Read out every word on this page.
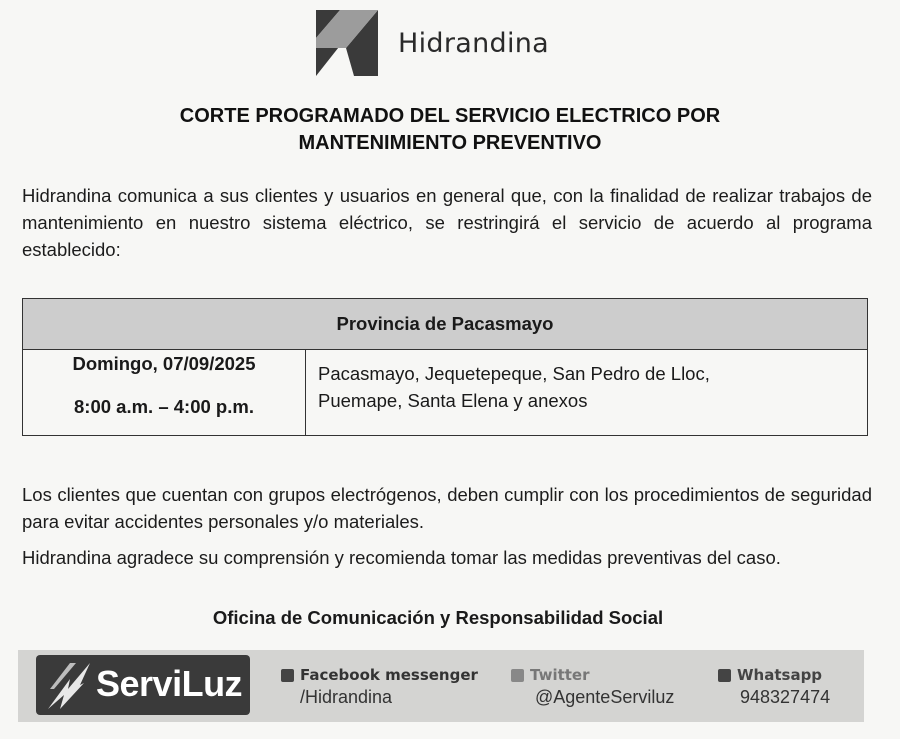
Hidrandina
CORTE PROGRAMADO DEL SERVICIO ELECTRICO POR
MANTENIMIENTO PREVENTIVO
Hidrandina comunica a sus clientes y usuarios en general que, con la finalidad de realizar trabajos de mantenimiento en nuestro sistema eléctrico, se restringirá el servicio de acuerdo al programa establecido:
Provincia de Pacasmayo
Domingo, 07/09/2025
8:00 a.m. – 4:00 p.m.
Pacasmayo, Jequetepeque, San Pedro de Lloc,
Puemape, Santa Elena y anexos
Los clientes que cuentan con grupos electrógenos, deben cumplir con los procedimientos de seguridad para evitar accidentes personales y/o materiales.
Hidrandina agradece su comprensión y recomienda tomar las medidas preventivas del caso.
Oficina de Comunicación y Responsabilidad Social
ServiLuz	Facebook messenger
/Hidrandina
Twitter
@AgenteServiluz
Whatsapp
948327474
